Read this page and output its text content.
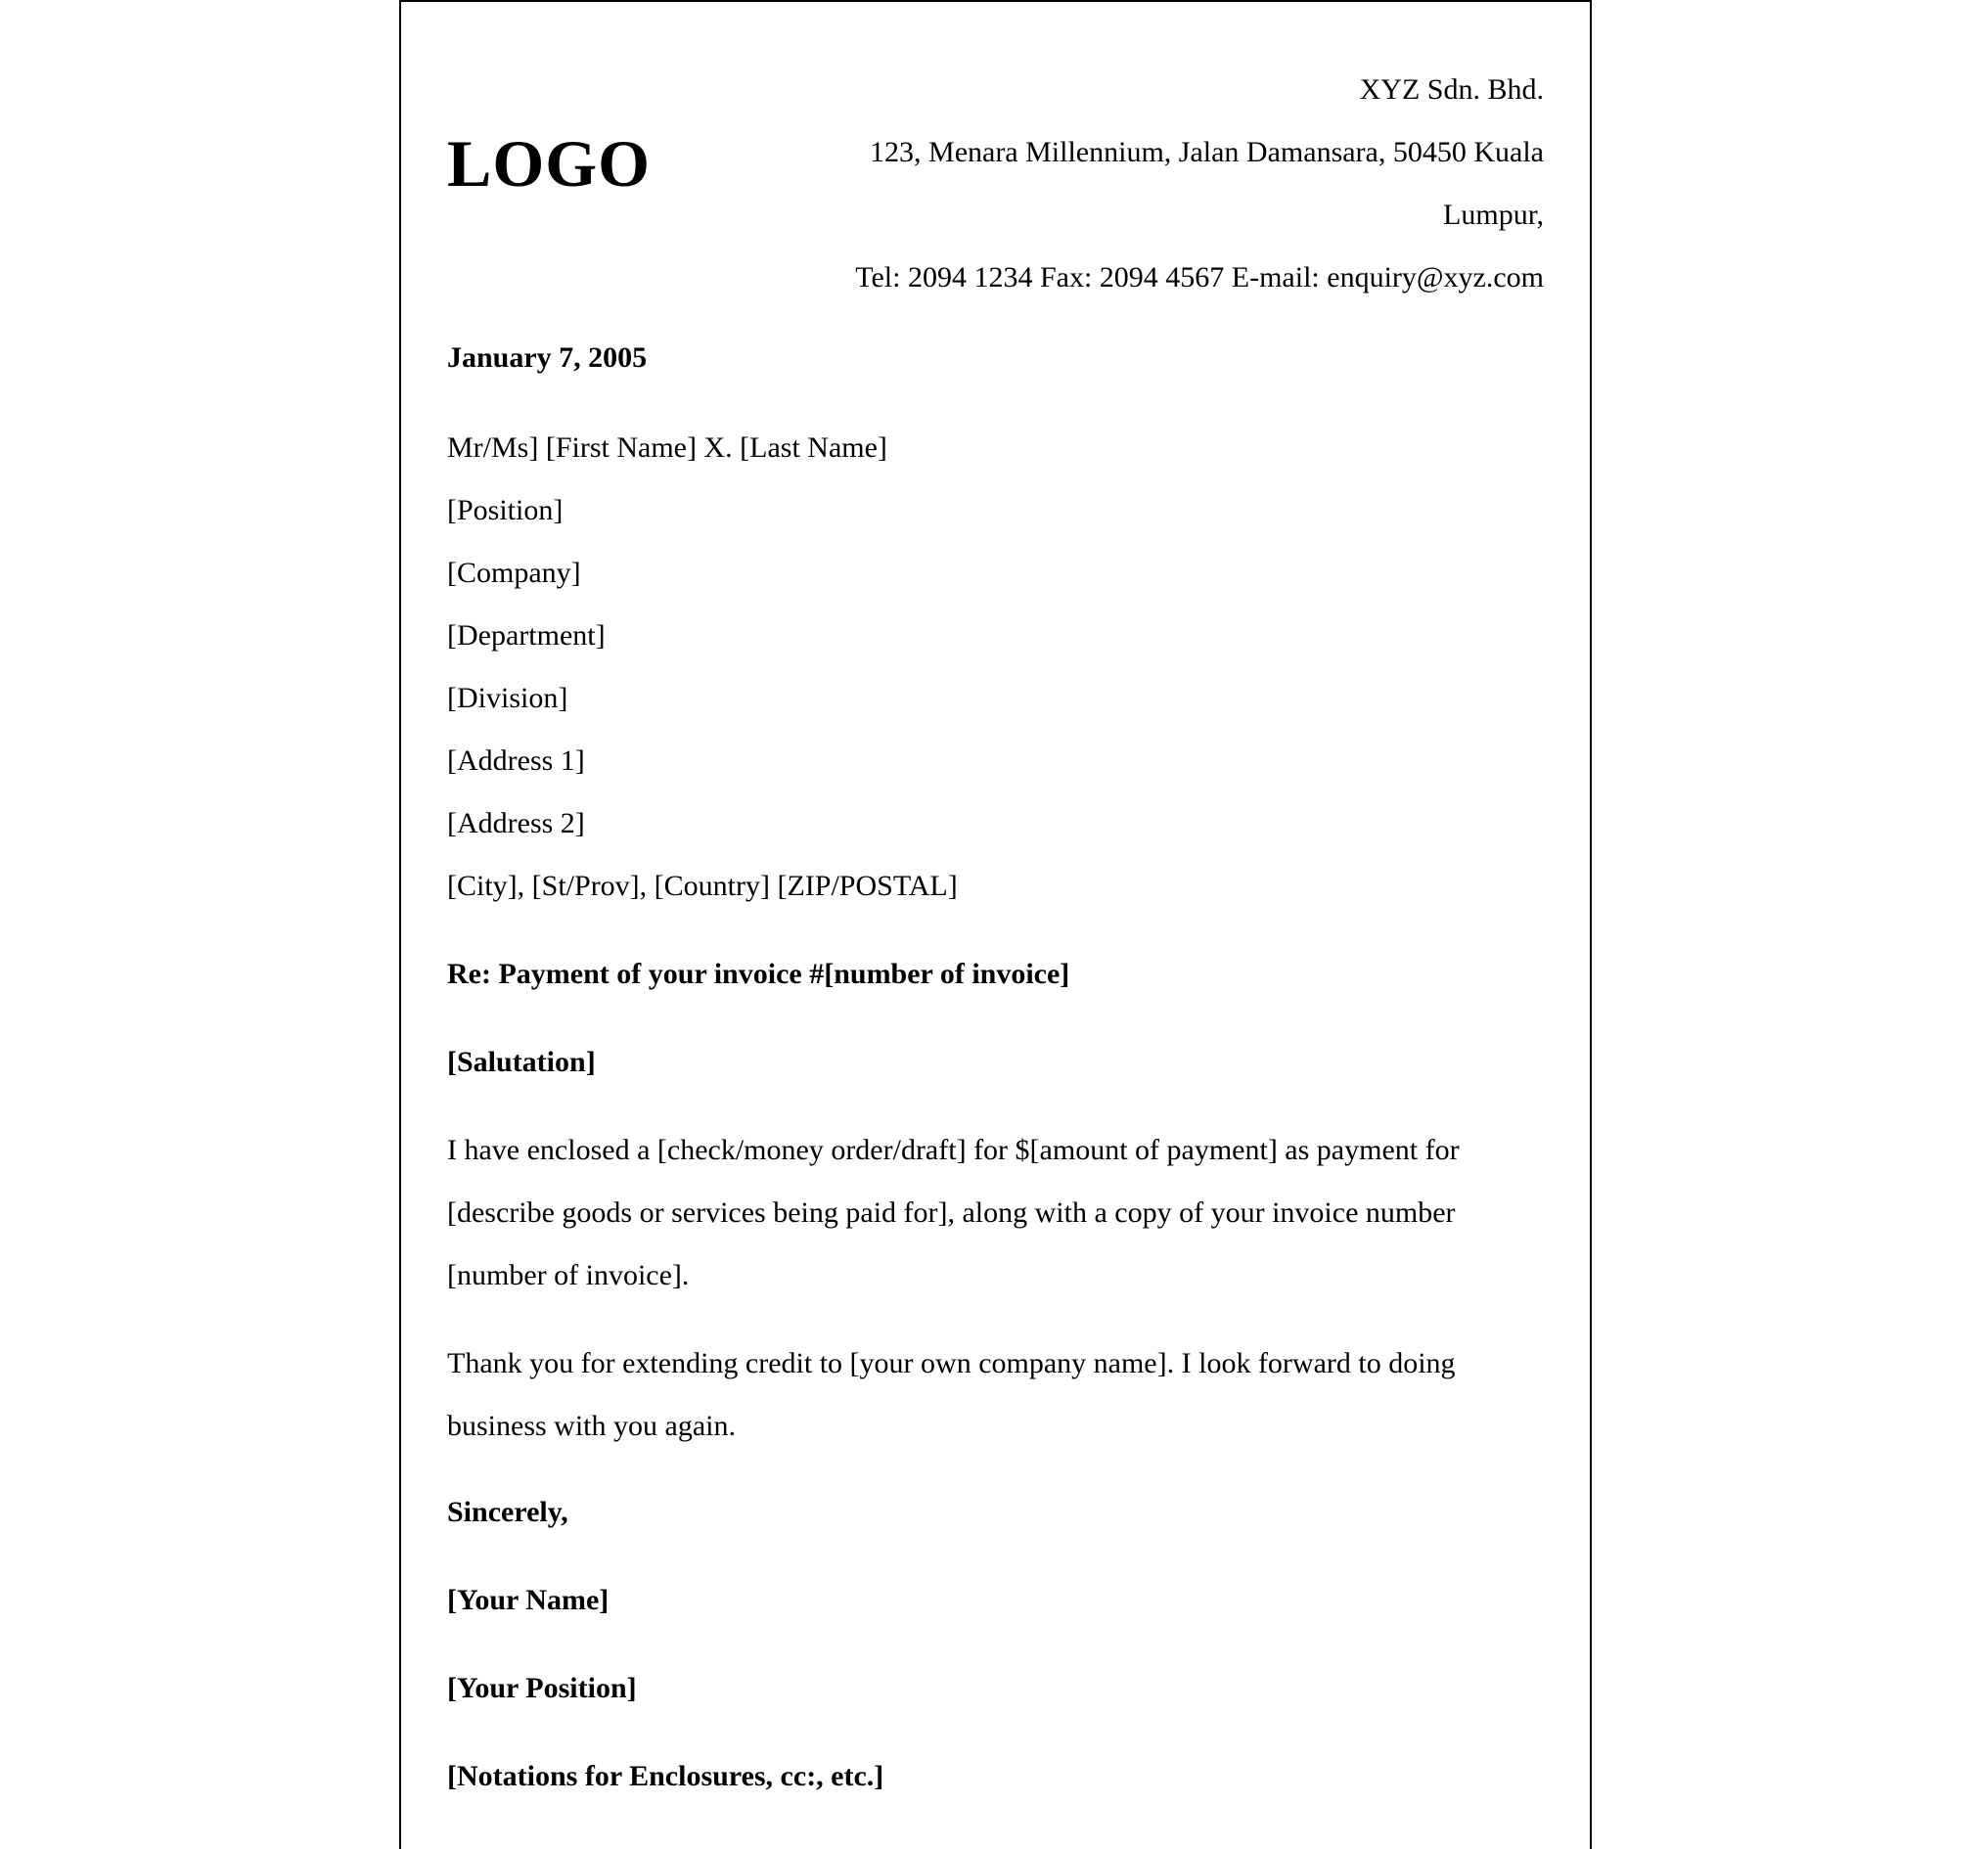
LOGO
XYZ Sdn. Bhd.
123, Menara Millennium, Jalan Damansara, 50450 Kuala
Lumpur,
Tel: 2094 1234 Fax: 2094 4567 E-mail: enquiry@xyz.com
January 7, 2005
Mr/Ms] [First Name] X. [Last Name]
[Position]
[Company]
[Department]
[Division]
[Address 1]
[Address 2]
[City], [St/Prov], [Country] [ZIP/POSTAL]
Re: Payment of your invoice #[number of invoice]
[Salutation]
I have enclosed a [check/money order/draft] for $[amount of payment] as payment for
[describe goods or services being paid for], along with a copy of your invoice number
[number of invoice].
Thank you for extending credit to [your own company name]. I look forward to doing
business with you again.
Sincerely,
[Your Name]
[Your Position]
[Notations for Enclosures, cc:, etc.]
